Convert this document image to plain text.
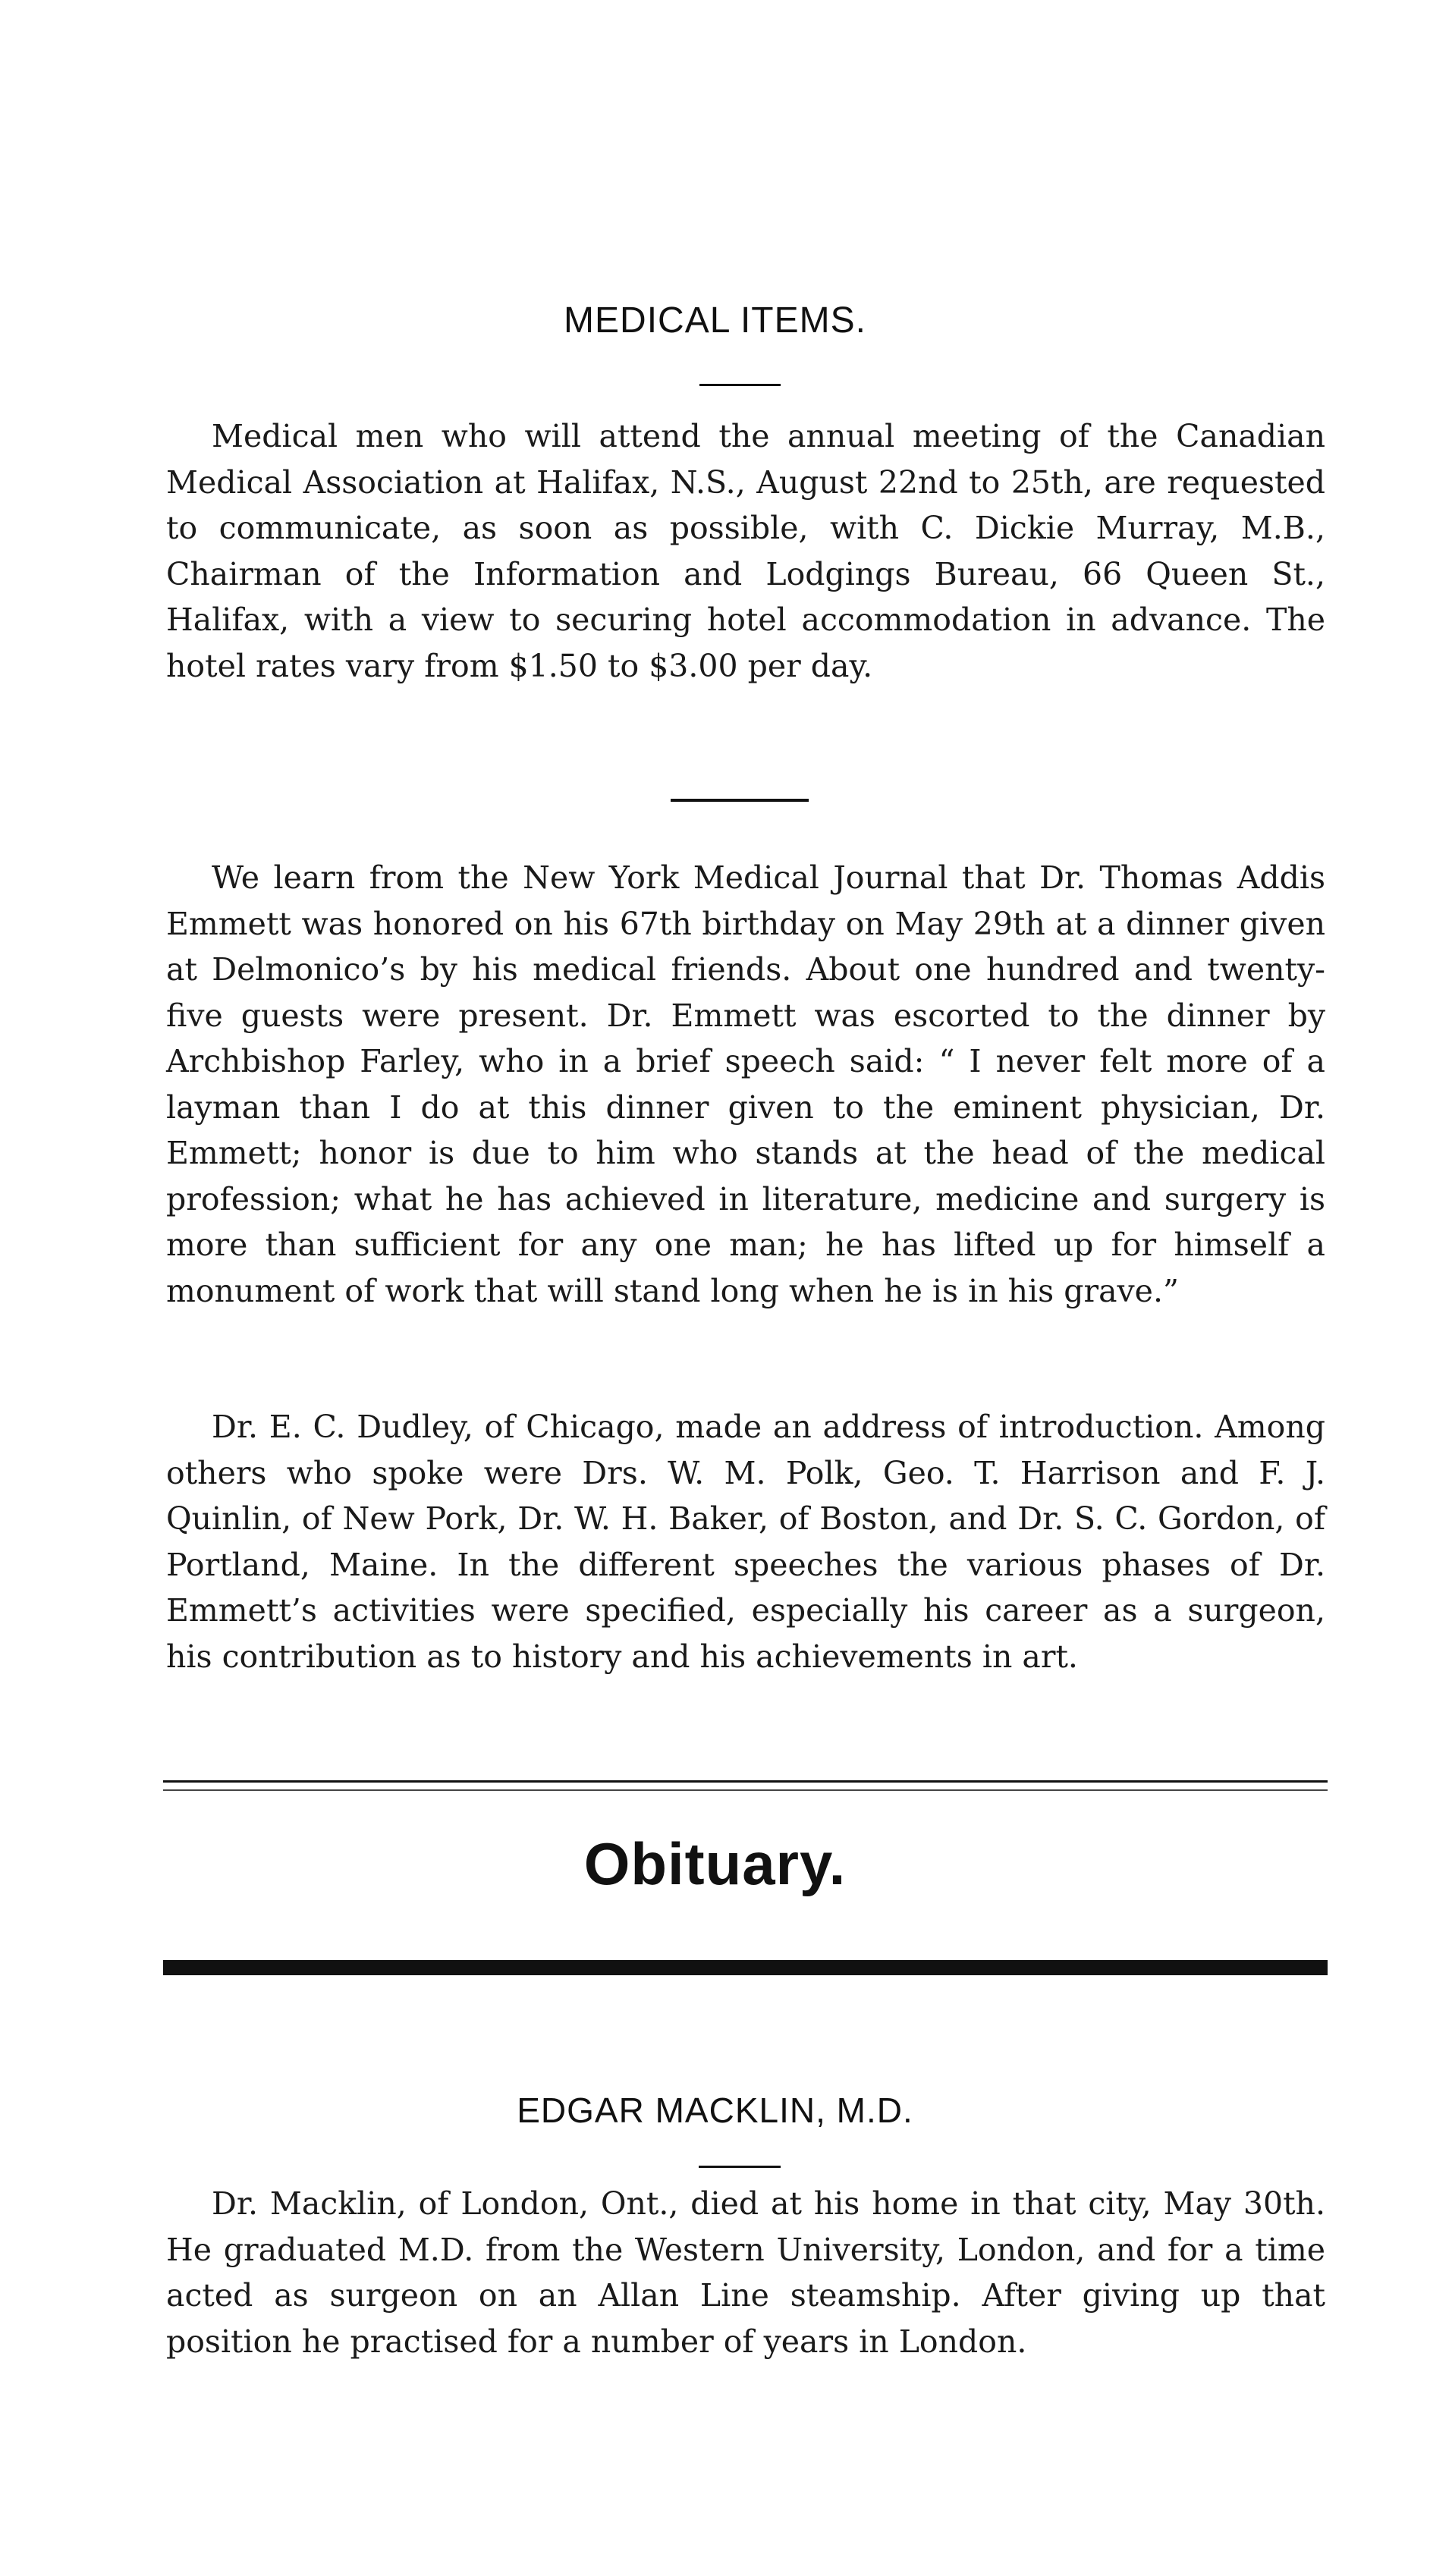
MEDICAL ITEMS.

Medical men who will attend the annual meeting of the Canadian Medical Association at Halifax, N.S., August 22nd to 25th, are requested to communicate, as soon as possible, with C. Dickie Murray, M.B., Chairman of the Information and Lodgings Bureau, 66 Queen St., Halifax, with a view to securing hotel accommodation in advance. The hotel rates vary from $1.50 to $3.00 per day.

We learn from the New York Medical Journal that Dr. Thomas Addis Emmett was honored on his 67th birthday on May 29th at a dinner given at Delmonico’s by his medical friends. About one hundred and twenty-five guests were present. Dr. Emmett was escorted to the dinner by Archbishop Farley, who in a brief speech said: “ I never felt more of a layman than I do at this dinner given to the eminent physician, Dr. Emmett; honor is due to him who stands at the head of the medical profession; what he has achieved in literature, medicine and surgery is more than sufficient for any one man; he has lifted up for himself a monument of work that will stand long when he is in his grave.”

Dr. E. C. Dudley, of Chicago, made an address of introduction. Among others who spoke were Drs. W. M. Polk, Geo. T. Harrison and F. J. Quinlin, of New Pork, Dr. W. H. Baker, of Boston, and Dr. S. C. Gordon, of Portland, Maine. In the different speeches the various phases of Dr. Emmett’s activities were specified, especially his career as a surgeon, his contribution as to history and his achievements in art.

Obituary.
EDGAR MACKLIN, M.D.

Dr. Macklin, of London, Ont., died at his home in that city, May 30th. He graduated M.D. from the Western University, London, and for a time acted as surgeon on an Allan Line steamship. After giving up that position he practised for a number of years in London.
